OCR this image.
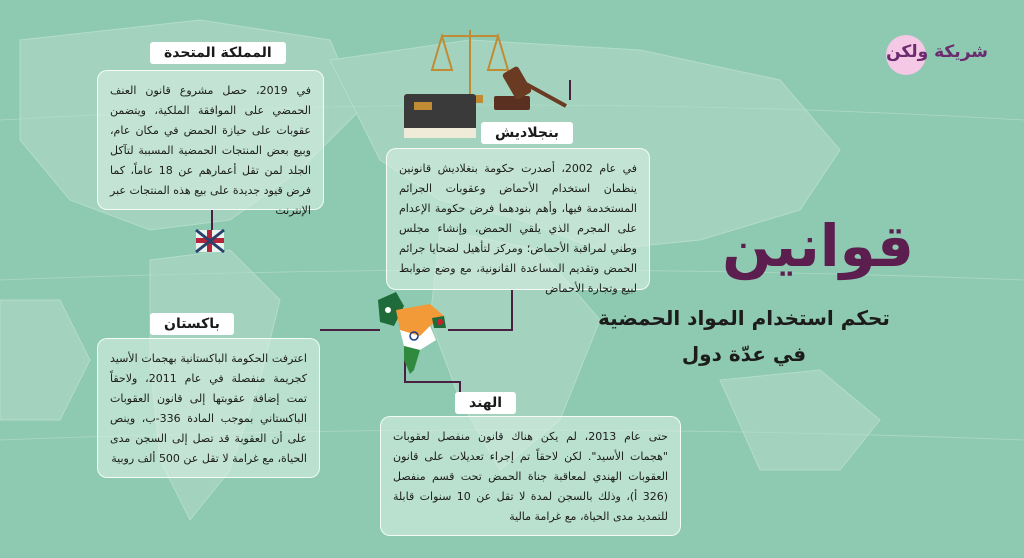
شريكة ولكن
قوانين
تحكم استخدام المواد الحمضية
في عدّة دول
المملكة المتحدة
في 2019، حصل مشروع قانون العنف الحمضي على الموافقة الملكية، ويتضمن عقوبات على حيازة الحمض في مكان عام، وبيع بعض المنتجات الحمضية المسببة لتآكل الجلد لمن تقل أعمارهم عن 18 عاماً، كما فرض قيود جديدة على بيع هذه المنتجات عبر الإنترنت
بنجلاديش
في عام 2002، أصدرت حكومة بنغلاديش قانونين ينظمان استخدام الأحماض وعقوبات الجرائم المستخدمة فيها، وأهم بنودهما فرض حكومة الإعدام على المجرم الذي يلقي الحمض، وإنشاء مجلس وطني لمراقبة الأحماض؛ ومركز لتأهيل لضحايا جرائم الحمض وتقديم المساعدة القانونية، مع وضع ضوابط لبيع وتجارة الأحماض
باكستان
اعترفت الحكومة الباكستانية بهجمات الأسيد كجريمة منفصلة في عام 2011، ولاحقاً تمت إضافة عقوبتها إلى قانون العقوبات الباكستاني بموجب المادة 336-ب، وينص على أن العقوبة قد تصل إلى السجن مدى الحياة، مع غرامة لا تقل عن 500 ألف روبية
الهند
حتى عام 2013، لم يكن هناك قانون منفصل لعقوبات "هجمات الأسيد". لكن لاحقاً تم إجراء تعديلات على قانون العقوبات الهندي لمعاقبة جناة الحمض تحت قسم منفصل (326 أ)، وذلك بالسجن لمدة لا تقل عن 10 سنوات قابلة للتمديد مدى الحياة، مع غرامة مالية
